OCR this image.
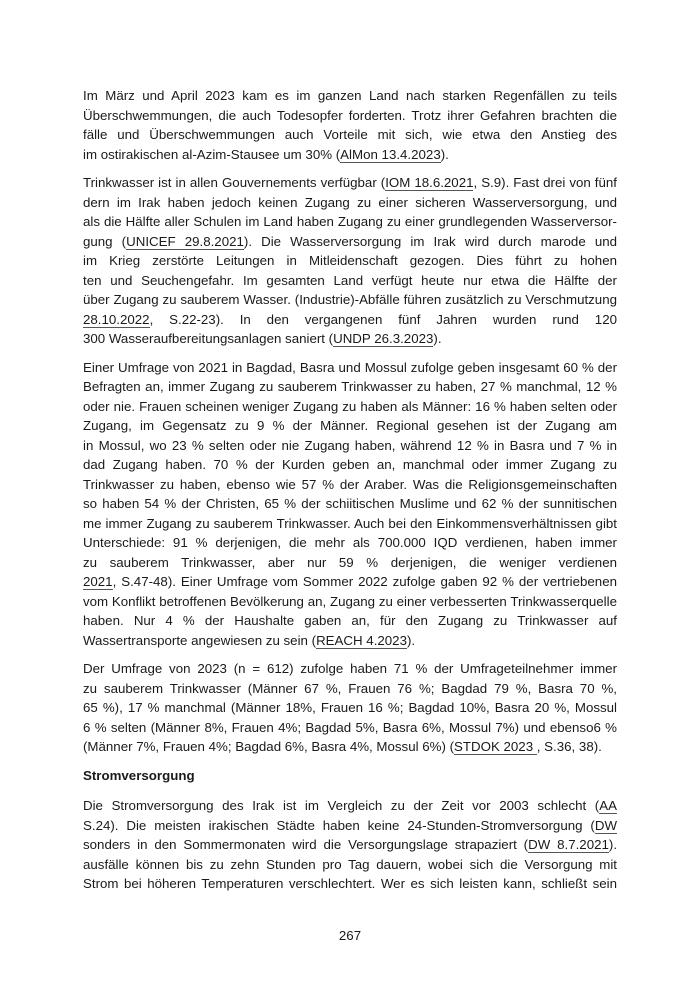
Im März und April 2023 kam es im ganzen Land nach starken Regenfällen zu teils
Überschwemmungen, die auch Todesopfer forderten. Trotz ihrer Gefahren brachten die
fälle und Überschwemmungen auch Vorteile mit sich, wie etwa den Anstieg des
im ostirakischen al-Azim-Stausee um 30% (AlMon 13.4.2023).
Trinkwasser ist in allen Gouvernements verfügbar (IOM 18.6.2021, S.9). Fast drei von fünf
dern im Irak haben jedoch keinen Zugang zu einer sicheren Wasserversorgung, und
als die Hälfte aller Schulen im Land haben Zugang zu einer grundlegenden Wasserversor-
gung (UNICEF 29.8.2021). Die Wasserversorgung im Irak wird durch marode und
im Krieg zerstörte Leitungen in Mitleidenschaft gezogen. Dies führt zu hohen
ten und Seuchengefahr. Im gesamten Land verfügt heute nur etwa die Hälfte der
über Zugang zu sauberem Wasser. (Industrie)-Abfälle führen zusätzlich zu Verschmutzung
28.10.2022, S.22-23). In den vergangenen fünf Jahren wurden rund 120
300 Wasseraufbereitungsanlagen saniert (UNDP 26.3.2023).
Einer Umfrage von 2021 in Bagdad, Basra und Mossul zufolge geben insgesamt 60 % der
Befragten an, immer Zugang zu sauberem Trinkwasser zu haben, 27 % manchmal, 12 %
oder nie. Frauen scheinen weniger Zugang zu haben als Männer: 16 % haben selten oder
Zugang, im Gegensatz zu 9 % der Männer. Regional gesehen ist der Zugang am
in Mossul, wo 23 % selten oder nie Zugang haben, während 12 % in Basra und 7 % in
dad Zugang haben. 70 % der Kurden geben an, manchmal oder immer Zugang zu
Trinkwasser zu haben, ebenso wie 57 % der Araber. Was die Religionsgemeinschaften
so haben 54 % der Christen, 65 % der schiitischen Muslime und 62 % der sunnitischen
me immer Zugang zu sauberem Trinkwasser. Auch bei den Einkommensverhältnissen gibt
Unterschiede: 91 % derjenigen, die mehr als 700.000 IQD verdienen, haben immer
zu sauberem Trinkwasser, aber nur 59 % derjenigen, die weniger verdienen
2021, S.47-48). Einer Umfrage vom Sommer 2022 zufolge gaben 92 % der vertriebenen
vom Konflikt betroffenen Bevölkerung an, Zugang zu einer verbesserten Trinkwasserquelle
haben. Nur 4 % der Haushalte gaben an, für den Zugang zu Trinkwasser auf
Wassertransporte angewiesen zu sein (REACH 4.2023).
Der Umfrage von 2023 (n = 612) zufolge haben 71 % der Umfrageteilnehmer immer
zu sauberem Trinkwasser (Männer 67 %, Frauen 76 %; Bagdad 79 %, Basra 70 %,
65 %), 17 % manchmal (Männer 18%, Frauen 16 %; Bagdad 10%, Basra 20 %, Mossul
6 % selten (Männer 8%, Frauen 4%; Bagdad 5%, Basra 6%, Mossul 7%) und ebenso6 %
(Männer 7%, Frauen 4%; Bagdad 6%, Basra 4%, Mossul 6%) (STDOK 2023 , S.36, 38).
Stromversorgung
Die Stromversorgung des Irak ist im Vergleich zu der Zeit vor 2003 schlecht (AA
S.24). Die meisten irakischen Städte haben keine 24-Stunden-Stromversorgung (DW
sonders in den Sommermonaten wird die Versorgungslage strapaziert (DW 8.7.2021).
ausfälle können bis zu zehn Stunden pro Tag dauern, wobei sich die Versorgung mit
Strom bei höheren Temperaturen verschlechtert. Wer es sich leisten kann, schließt sein
267
